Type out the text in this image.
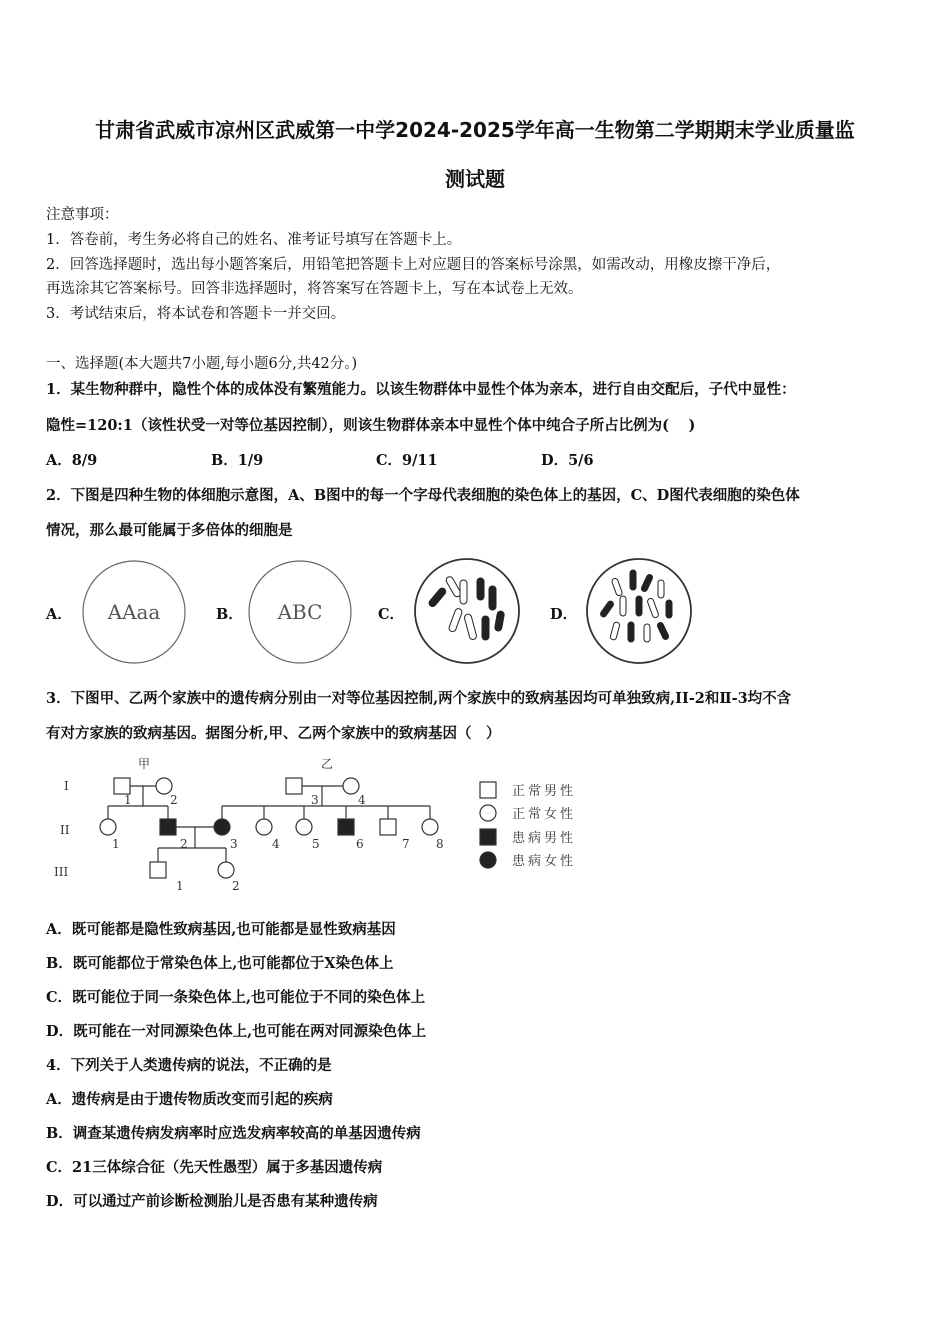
甘肃省武威市凉州区武威第一中学2024-2025学年高一生物第二学期期末学业质量监
测试题
注意事项：
1．答卷前，考生务必将自己的姓名、准考证号填写在答题卡上。
2．回答选择题时，选出每小题答案后，用铅笔把答题卡上对应题目的答案标号涂黑，如需改动，用橡皮擦干净后，
再选涂其它答案标号。回答非选择题时，将答案写在答题卡上，写在本试卷上无效。
3．考试结束后，将本试卷和答题卡一并交回。
一、选择题(本大题共7小题,每小题6分,共42分。)
1．某生物种群中，隐性个体的成体没有繁殖能力。以该生物群体中显性个体为亲本，进行自由交配后，子代中显性：
隐性=120:1（该性状受一对等位基因控制），则该生物群体亲本中显性个体中纯合子所占比例为(　 )
A．8/9	B．1/9	C．9/11	D．5/6
2．下图是四种生物的体细胞示意图，A、B图中的每一个字母代表细胞的染色体上的基因，C、D图代表细胞的染色体
情况，那么最可能属于多倍体的细胞是
A． AAaa	B． ABC	C．	D．
3．下图甲、乙两个家族中的遗传病分别由一对等位基因控制,两个家族中的致病基因均可单独致病,II-2和Ⅱ-3均不含
有对方家族的致病基因。据图分析,甲、乙两个家族中的致病基因（　）
I
II
III
甲	乙
1	2	3	4
1	2	3	4	5	6	7 8
1	2
正常男性
正常女性
患病男性
患病女性
A．既可能都是隐性致病基因,也可能都是显性致病基因
B．既可能都位于常染色体上,也可能都位于X染色体上
C．既可能位于同一条染色体上,也可能位于不同的染色体上
D．既可能在一对同源染色体上,也可能在两对同源染色体上
4．下列关于人类遗传病的说法，不正确的是
A．遗传病是由于遗传物质改变而引起的疾病
B．调查某遗传病发病率时应选发病率较高的单基因遗传病
C．21三体综合征（先天性愚型）属于多基因遗传病
D．可以通过产前诊断检测胎儿是否患有某种遗传病
